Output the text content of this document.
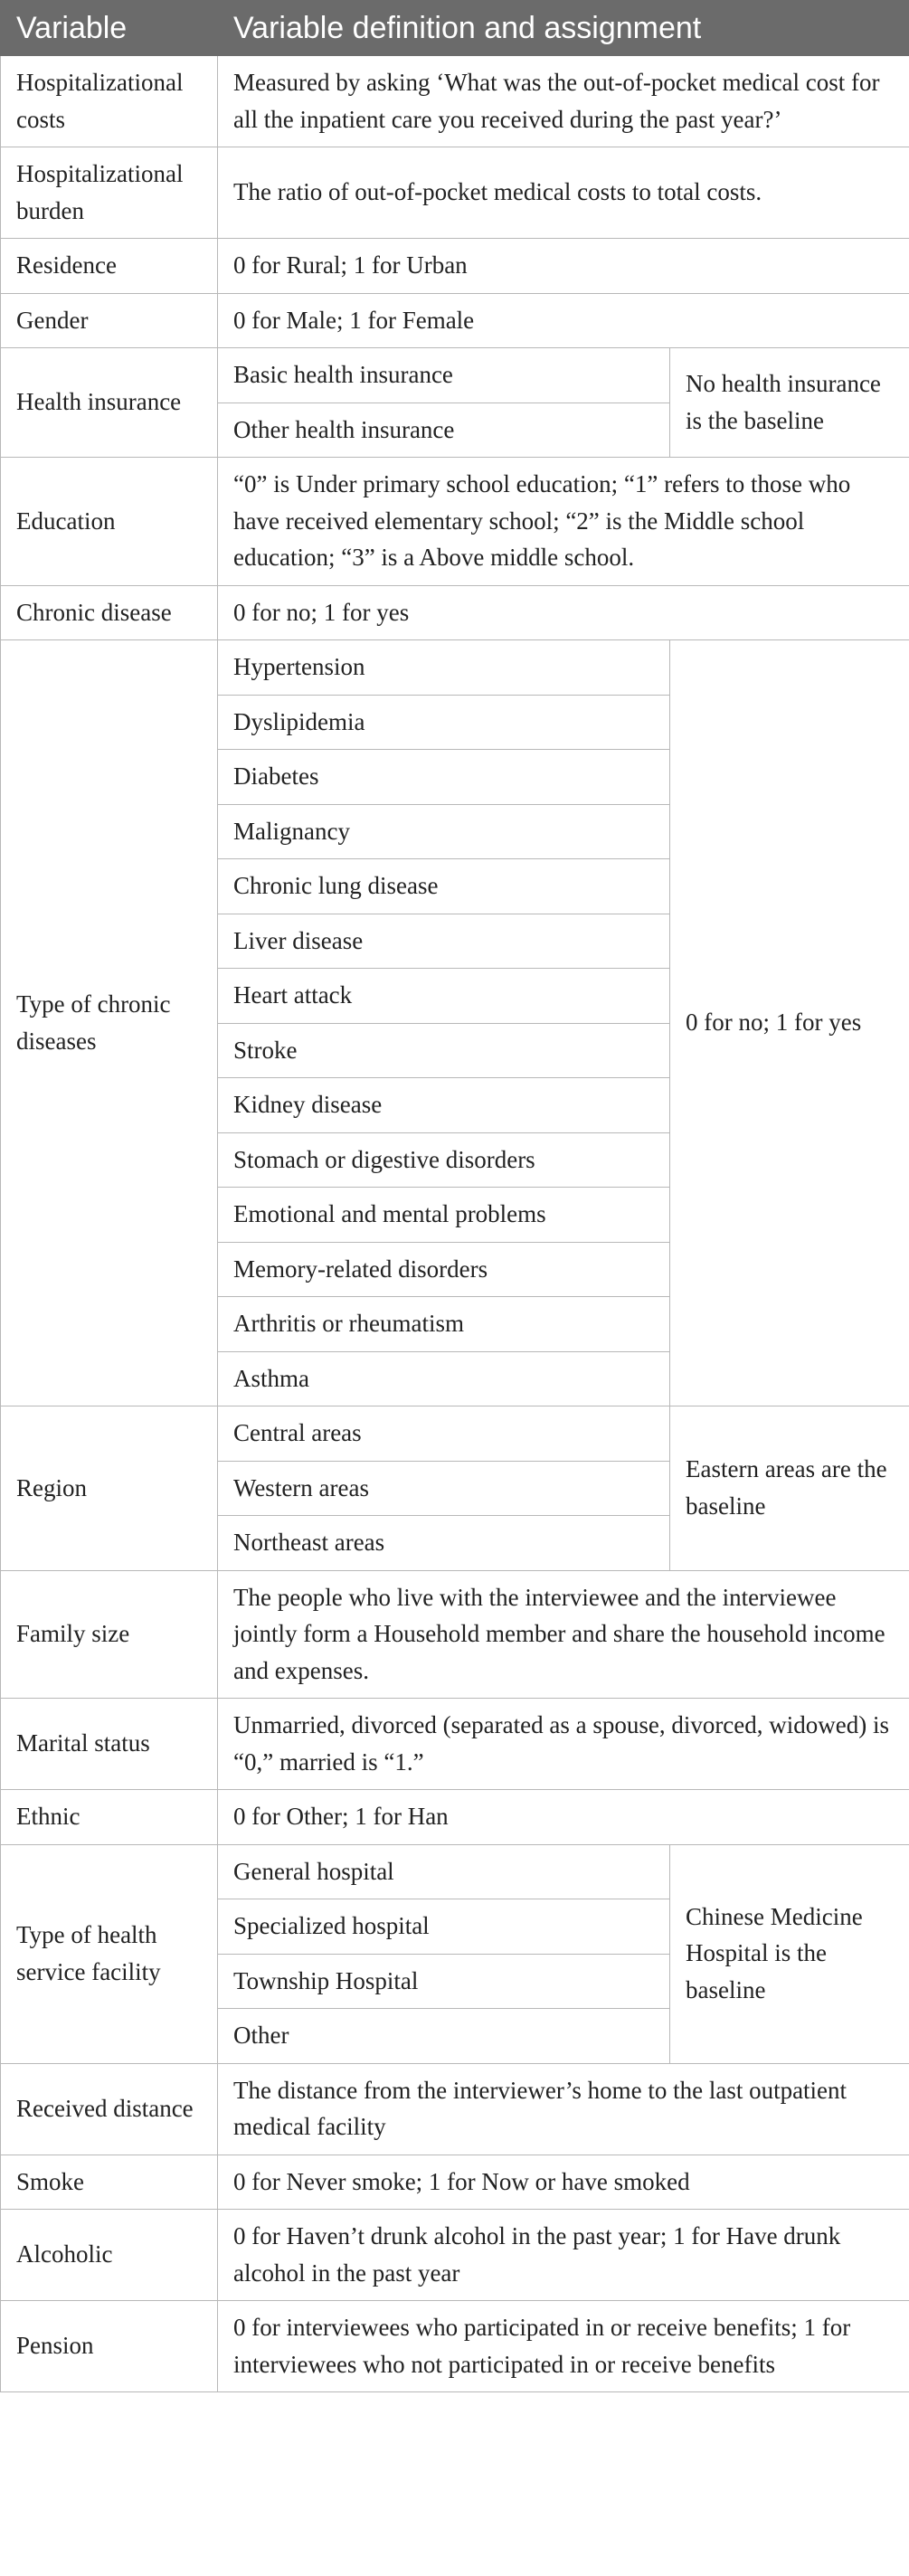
Variable	Variable definition and assignment	
Hospitalizational costs	Measured by asking ‘What was the out-of-pocket medical cost for all the inpatient care you received during the past year?’	
Hospitalizational burden	The ratio of out-of-pocket medical costs to total costs.	
Residence	0 for Rural; 1 for Urban	
Gender	0 for Male; 1 for Female	
Health insurance	Basic health insurance	No health insurance is the baseline
	Other health insurance	
Education	“0” is Under primary school education; “1” refers to those who have received elementary school; “2” is the Middle school education; “3” is a Above middle school.	
Chronic disease	0 for no; 1 for yes	
Type of chronic diseases	Hypertension	0 for no; 1 for yes
	Dyslipidemia	
	Diabetes	
	Malignancy	
	Chronic lung disease	
	Liver disease	
	Heart attack	
	Stroke	
	Kidney disease	
	Stomach or digestive disorders	
	Emotional and mental problems	
	Memory-related disorders	
	Arthritis or rheumatism	
	Asthma	
Region	Central areas	Eastern areas are the baseline
	Western areas	
	Northeast areas	
Family size	The people who live with the interviewee and the interviewee jointly form a Household member and share the household income and expenses.	
Marital status	Unmarried, divorced (separated as a spouse, divorced, widowed) is “0,” married is “1.”	
Ethnic	0 for Other; 1 for Han	
Type of health service facility	General hospital	Chinese Medicine Hospital is the baseline
	Specialized hospital	
	Township Hospital	
	Other	
Received distance	The distance from the interviewer’s home to the last outpatient medical facility	
Smoke	0 for Never smoke; 1 for Now or have smoked	
Alcoholic	0 for Haven’t drunk alcohol in the past year; 1 for Have drunk alcohol in the past year	
Pension	0 for interviewees who participated in or receive benefits; 1 for interviewees who not participated in or receive benefits	
